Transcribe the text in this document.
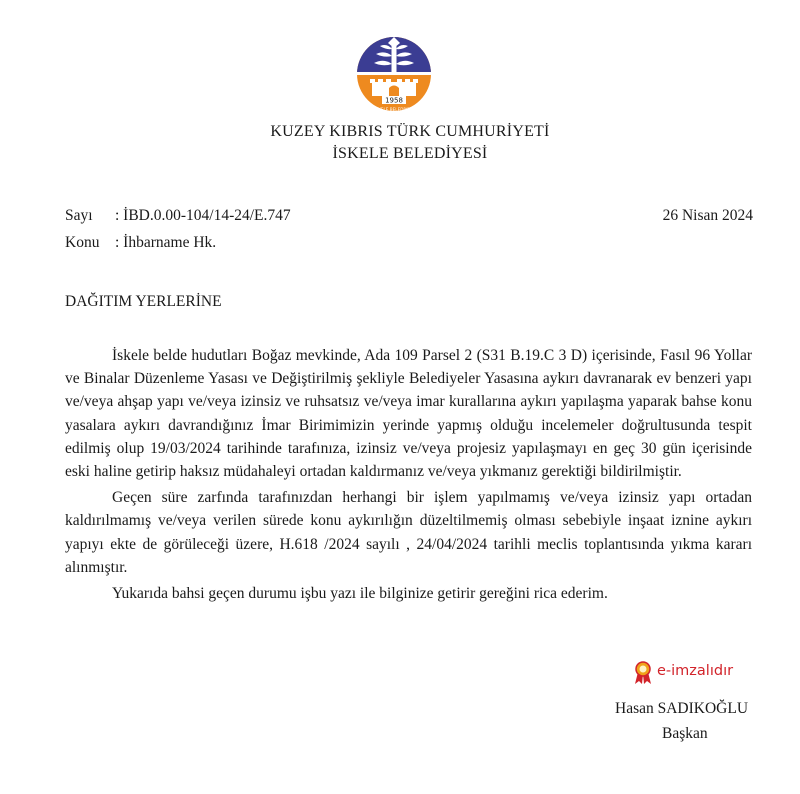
1958
ISKELE BELEDİYESİ
KUZEY KIBRIS TÜRK CUMHURİYETİ
İSKELE BELEDİYESİ
Sayı : İBD.0.00-104/14-24/E.747
Konu : İhbarname Hk.
26 Nisan 2024
DAĞITIM YERLERİNE

İskele belde hudutları Boğaz mevkinde, Ada 109 Parsel 2 (S31 B.19.C 3 D) içerisinde, Fasıl 96 Yollar ve Binalar Düzenleme Yasası ve Değiştirilmiş şekliyle Belediyeler Yasasına aykırı davranarak ev benzeri yapı ve/veya ahşap yapı ve/veya izinsiz ve ruhsatsız ve/veya imar kurallarına aykırı yapılaşma yaparak bahse konu yasalara aykırı davrandığınız İmar Birimimizin yerinde yapmış olduğu incelemeler doğrultusunda tespit edilmiş olup 19/03/2024 tarihinde tarafınıza, izinsiz ve/veya projesiz yapılaşmayı en geç 30 gün içerisinde eski haline getirip haksız müdahaleyi ortadan kaldırmanız ve/veya yıkmanız gerektiği bildirilmiştir.

Geçen süre zarfında tarafınızdan herhangi bir işlem yapılmamış ve/veya izinsiz yapı ortadan kaldırılmamış ve/veya verilen sürede konu aykırılığın düzeltilmemiş olması sebebiyle inşaat iznine aykırı yapıyı ekte de görüleceği üzere, H.618 /2024 sayılı , 24/04/2024 tarihli meclis toplantısında yıkma kararı alınmıştır.

Yukarıda bahsi geçen durumu işbu yazı ile bilginize getirir gereğini rica ederim.

e-imzalıdır
Hasan SADIKOĞLU
Başkan
